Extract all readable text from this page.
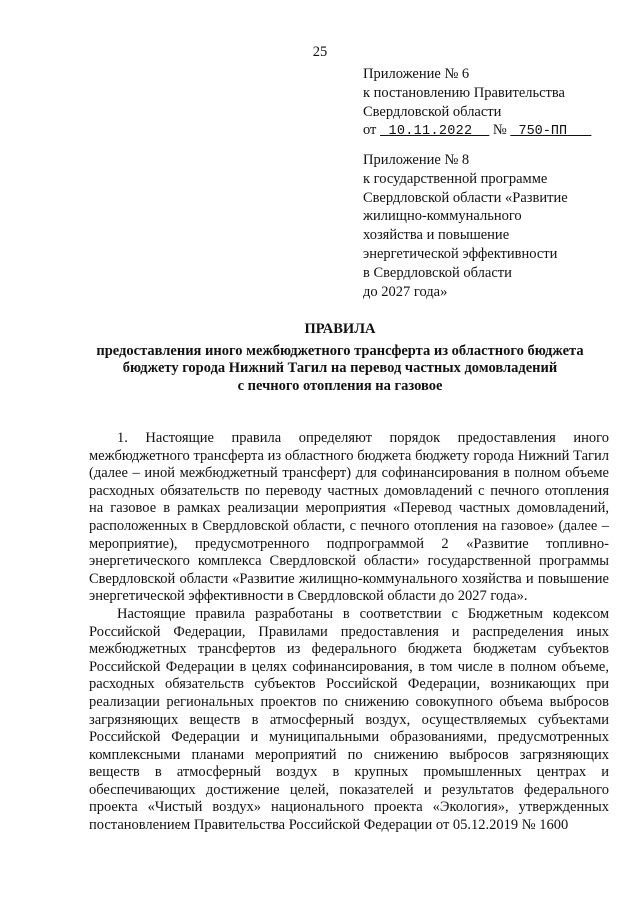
25
Приложение № 6
к постановлению Правительства
Свердловской области
от 10.11.2022 № 750-ПП
Приложение № 8
к государственной программе
Свердловской области «Развитие
жилищно-коммунального
хозяйства и повышение
энергетической эффективности
в Свердловской области
до 2027 года»
ПРАВИЛА
предоставления иного межбюджетного трансферта из областного бюджета
бюджету города Нижний Тагил на перевод частных домовладений
с печного отопления на газовое

1. Настоящие правила определяют порядок предоставления иного межбюджетного трансферта из областного бюджета бюджету города Нижний Тагил (далее – иной межбюджетный трансферт) для софинансирования в полном объеме расходных обязательств по переводу частных домовладений с печного отопления на газовое в рамках реализации мероприятия «Перевод частных домовладений, расположенных в Свердловской области, с печного отопления на газовое» (далее – мероприятие), предусмотренного подпрограммой 2 «Развитие топливно-энергетического комплекса Свердловской области» государственной программы Свердловской области «Развитие жилищно-коммунального хозяйства и повышение энергетической эффективности в Свердловской области до 2027 года».

Настоящие правила разработаны в соответствии с Бюджетным кодексом Российской Федерации, Правилами предоставления и распределения иных межбюджетных трансфертов из федерального бюджета бюджетам субъектов Российской Федерации в целях софинансирования, в том числе в полном объеме, расходных обязательств субъектов Российской Федерации, возникающих при реализации региональных проектов по снижению совокупного объема выбросов загрязняющих веществ в атмосферный воздух, осуществляемых субъектами Российской Федерации и муниципальными образованиями, предусмотренных комплексными планами мероприятий по снижению выбросов загрязняющих веществ в атмосферный воздух в крупных промышленных центрах и обеспечивающих достижение целей, показателей и результатов федерального проекта «Чистый воздух» национального проекта «Экология», утвержденных постановлением Правительства Российской Федерации от 05.12.2019 № 1600
